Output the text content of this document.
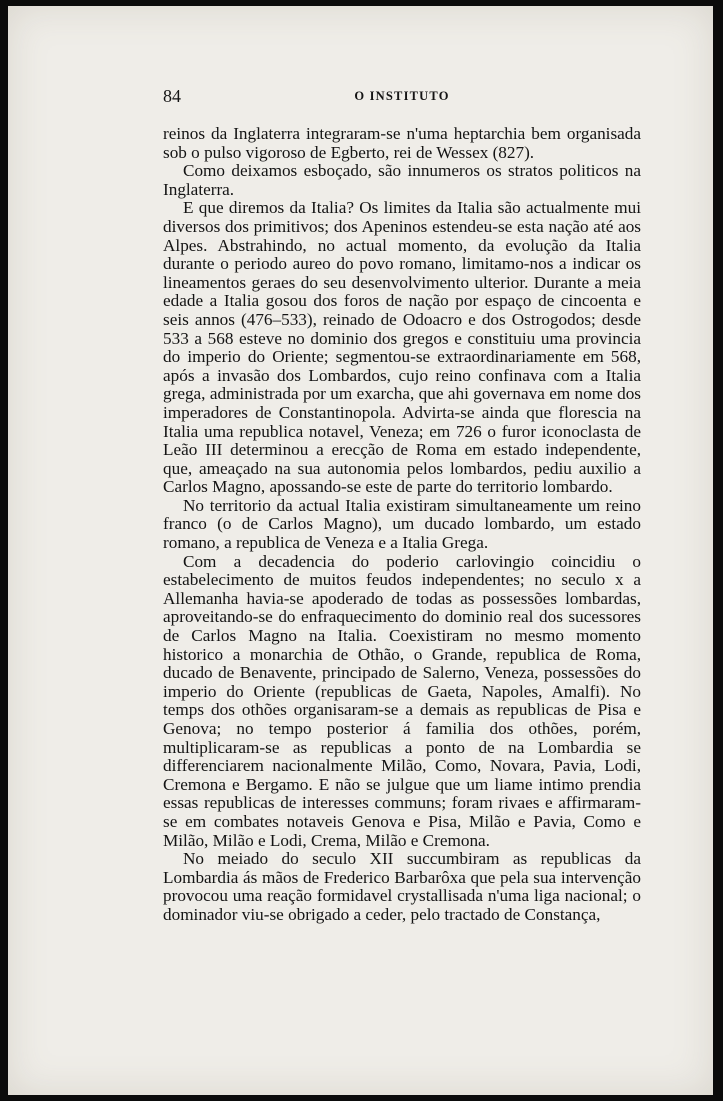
84	O INSTITUTO

reinos da Inglaterra integraram-se n'uma heptarchia bem organisada sob o pulso vigoroso de Egberto, rei de Wessex (827).

Como deixamos esboçado, são innumeros os stratos politicos na Inglaterra.

E que diremos da Italia? Os limites da Italia são actualmente mui diversos dos primitivos; dos Apeninos estendeu-se esta nação até aos Alpes. Abstrahindo, no actual momento, da evolução da Italia durante o periodo aureo do povo romano, limitamo-nos a indicar os lineamentos geraes do seu desenvolvimento ulterior. Durante a meia edade a Italia gosou dos foros de nação por espaço de cincoenta e seis annos (476–533), reinado de Odoacro e dos Ostrogodos; desde 533 a 568 esteve no dominio dos gregos e constituiu uma provincia do imperio do Oriente; segmentou-se extraordinariamente em 568, após a invasão dos Lombardos, cujo reino confinava com a Italia grega, administrada por um exarcha, que ahi governava em nome dos imperadores de Constantinopola. Advirta-se ainda que florescia na Italia uma republica notavel, Veneza; em 726 o furor iconoclasta de Leão III determinou a erecção de Roma em estado independente, que, ameaçado na sua autonomia pelos lombardos, pediu auxilio a Carlos Magno, apossando-se este de parte do territorio lombardo.

No territorio da actual Italia existiram simultaneamente um reino franco (o de Carlos Magno), um ducado lombardo, um estado romano, a republica de Veneza e a Italia Grega.

Com a decadencia do poderio carlovingio coincidiu o estabelecimento de muitos feudos independentes; no seculo x a Allemanha havia-se apoderado de todas as possessões lombardas, aproveitando-se do enfraquecimento do dominio real dos sucessores de Carlos Magno na Italia. Coexistiram no mesmo momento historico a monarchia de Othão, o Grande, republica de Roma, ducado de Benavente, principado de Salerno, Veneza, possessões do imperio do Oriente (republicas de Gaeta, Napoles, Amalfi). No temps dos othões organisaram-se a demais as republicas de Pisa e Genova; no tempo posterior á familia dos othões, porém, multiplicaram-se as republicas a ponto de na Lombardia se differenciarem nacionalmente Milão, Como, Novara, Pavia, Lodi, Cremona e Bergamo. E não se julgue que um liame intimo prendia essas republicas de interesses communs; foram rivaes e affirmaram-se em combates notaveis Genova e Pisa, Milão e Pavia, Como e Milão, Milão e Lodi, Crema, Milão e Cremona.

No meiado do seculo XII succumbiram as republicas da Lombardia ás mãos de Frederico Barbarôxa que pela sua intervenção provocou uma reação formidavel crystallisada n'uma liga nacional; o dominador viu-se obrigado a ceder, pelo tractado de Constança,
